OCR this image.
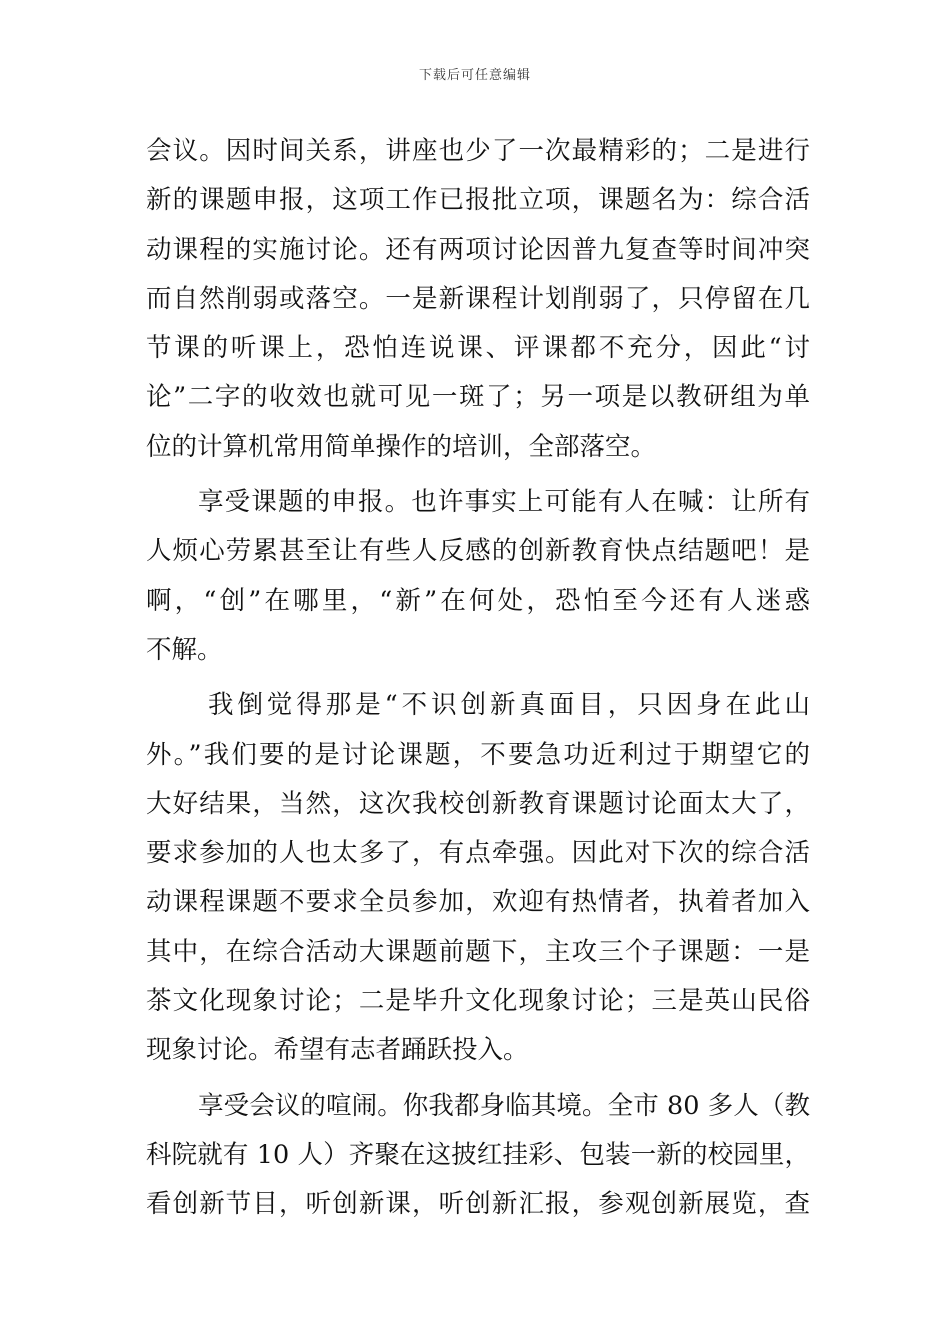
下载后可任意编辑
会议。因时间关系，讲座也少了一次最精彩的；二是进行
新的课题申报，这项工作已报批立项，课题名为：综合活
动课程的实施讨论。还有两项讨论因普九复查等时间冲突
而自然削弱或落空。一是新课程计划削弱了，只停留在几
节课的听课上，恐怕连说课、评课都不充分，因此“讨
论”二字的收效也就可见一斑了；另一项是以教研组为单
位的计算机常用简单操作的培训，全部落空。
享受课题的申报。也许事实上可能有人在喊：让所有
人烦心劳累甚至让有些人反感的创新教育快点结题吧！是
啊，“创”在哪里，“新”在何处，恐怕至今还有人迷惑
不解。
我倒觉得那是“不识创新真面目，只因身在此山
外。”我们要的是讨论课题，不要急功近利过于期望它的
大好结果，当然，这次我校创新教育课题讨论面太大了，
要求参加的人也太多了，有点牵强。因此对下次的综合活
动课程课题不要求全员参加，欢迎有热情者，执着者加入
其中，在综合活动大课题前题下，主攻三个子课题：一是
茶文化现象讨论；二是毕升文化现象讨论；三是英山民俗
现象讨论。希望有志者踊跃投入。
享受会议的喧闹。你我都身临其境。全市 80 多人（教
科院就有 10 人）齐聚在这披红挂彩、包装一新的校园里，
看创新节目，听创新课，听创新汇报，参观创新展览，查
